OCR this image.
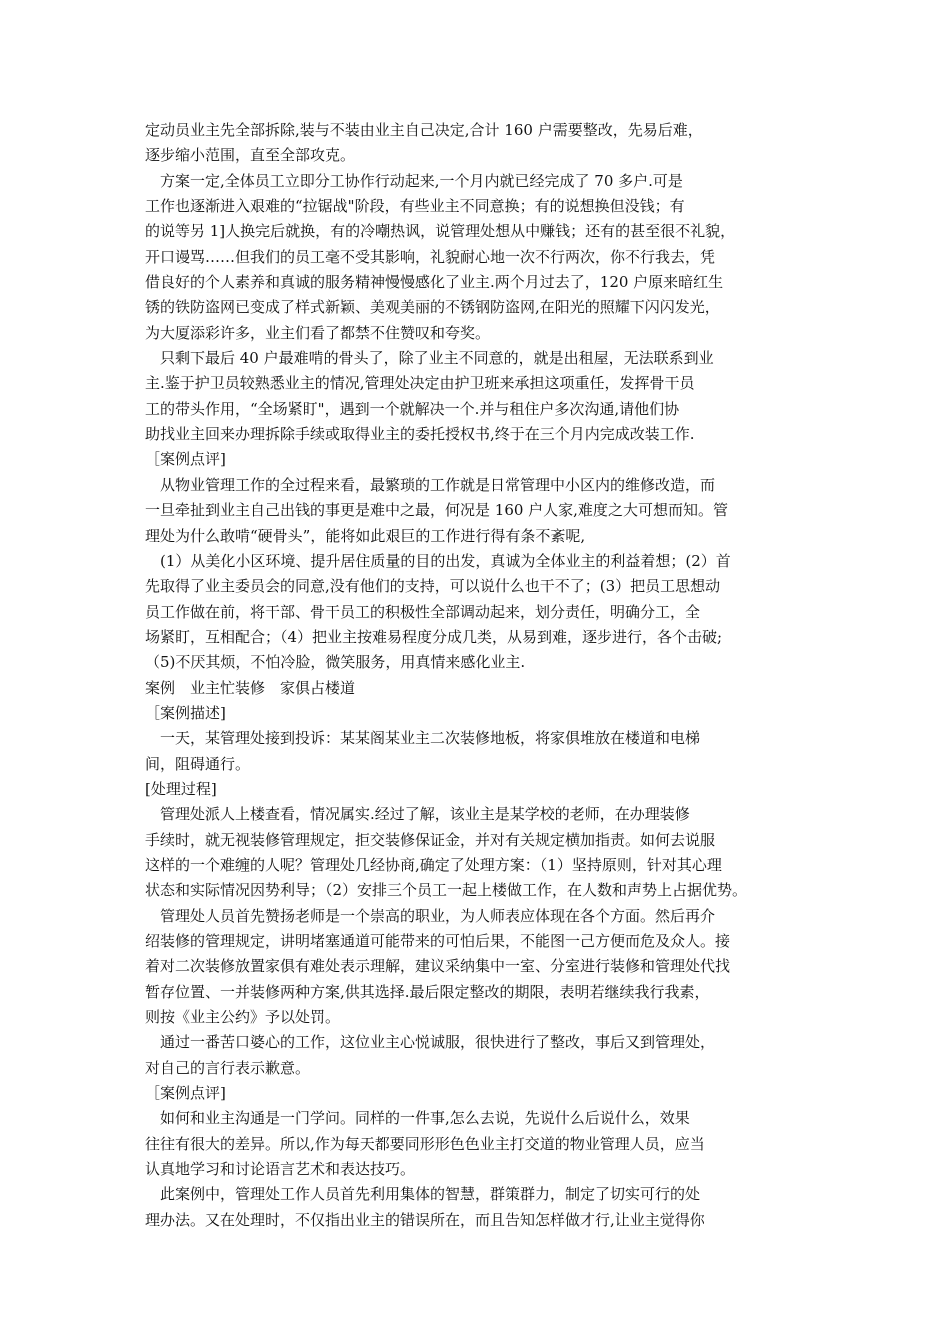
定动员业主先全部拆除,装与不装由业主自己决定,合计 160 户需要整改，先易后难，
逐步缩小范围，直至全部攻克。
　方案一定,全体员工立即分工协作行动起来,一个月内就已经完成了 70 多户.可是
工作也逐渐进入艰难的“拉锯战"阶段，有些业主不同意换；有的说想换但没钱；有
的说等另 1]人换完后就换，有的冷嘲热讽，说管理处想从中赚钱；还有的甚至很不礼貌，
开口谩骂……但我们的员工毫不受其影响，礼貌耐心地一次不行两次，你不行我去，凭
借良好的个人素养和真诚的服务精神慢慢感化了业主.两个月过去了，120 户原来暗红生
锈的铁防盗网已变成了样式新颖、美观美丽的不锈钢防盗网,在阳光的照耀下闪闪发光，
为大厦添彩许多，业主们看了都禁不住赞叹和夸奖。
　只剩下最后 40 户最难啃的骨头了，除了业主不同意的，就是出租屋，无法联系到业
主.鉴于护卫员较熟悉业主的情况,管理处决定由护卫班来承担这项重任，发挥骨干员
工的带头作用，“全场紧盯"，遇到一个就解决一个.并与租住户多次沟通,请他们协
助找业主回来办理拆除手续或取得业主的委托授权书,终于在三个月内完成改装工作.
［案例点评]
　从物业管理工作的全过程来看，最繁琐的工作就是日常管理中小区内的维修改造，而
一旦牵扯到业主自己出钱的事更是难中之最，何况是 160 户人家,难度之大可想而知。管
理处为什么敢啃“硬骨头”，能将如此艰巨的工作进行得有条不紊呢,
　(1）从美化小区环境、提升居住质量的目的出发，真诚为全体业主的利益着想；(2）首
先取得了业主委员会的同意,没有他们的支持，可以说什么也干不了；(3）把员工思想动
员工作做在前，将干部、骨干员工的积极性全部调动起来，划分责任，明确分工，全
场紧盯，互相配合；（4）把业主按难易程度分成几类，从易到难，逐步进行，各个击破;
（5)不厌其烦，不怕冷脸，微笑服务，用真情来感化业主.
案例　业主忙装修　家俱占楼道
［案例描述]
　一天，某管理处接到投诉：某某阁某业主二次装修地板，将家俱堆放在楼道和电梯
间，阻碍通行。
[处理过程]
　管理处派人上楼查看，情况属实.经过了解，该业主是某学校的老师，在办理装修
手续时，就无视装修管理规定，拒交装修保证金，并对有关规定横加指责。如何去说服
这样的一个难缠的人呢？管理处几经协商,确定了处理方案：（1）坚持原则，针对其心理
状态和实际情况因势利导；（2）安排三个员工一起上楼做工作，在人数和声势上占据优势。
　管理处人员首先赞扬老师是一个崇高的职业，为人师表应体现在各个方面。然后再介
绍装修的管理规定，讲明堵塞通道可能带来的可怕后果，不能图一己方便而危及众人。接
着对二次装修放置家俱有难处表示理解，建议采纳集中一室、分室进行装修和管理处代找
暂存位置、一并装修两种方案,供其选择.最后限定整改的期限，表明若继续我行我素，
则按《业主公约》予以处罚。
　通过一番苦口婆心的工作，这位业主心悦诚服，很快进行了整改，事后又到管理处，
对自己的言行表示歉意。
［案例点评]
　如何和业主沟通是一门学问。同样的一件事,怎么去说，先说什么后说什么，效果
往往有很大的差异。所以,作为每天都要同形形色色业主打交道的物业管理人员，应当
认真地学习和讨论语言艺术和表达技巧。
　此案例中，管理处工作人员首先利用集体的智慧，群策群力，制定了切实可行的处
理办法。又在处理时，不仅指出业主的错误所在，而且告知怎样做才行,让业主觉得你
